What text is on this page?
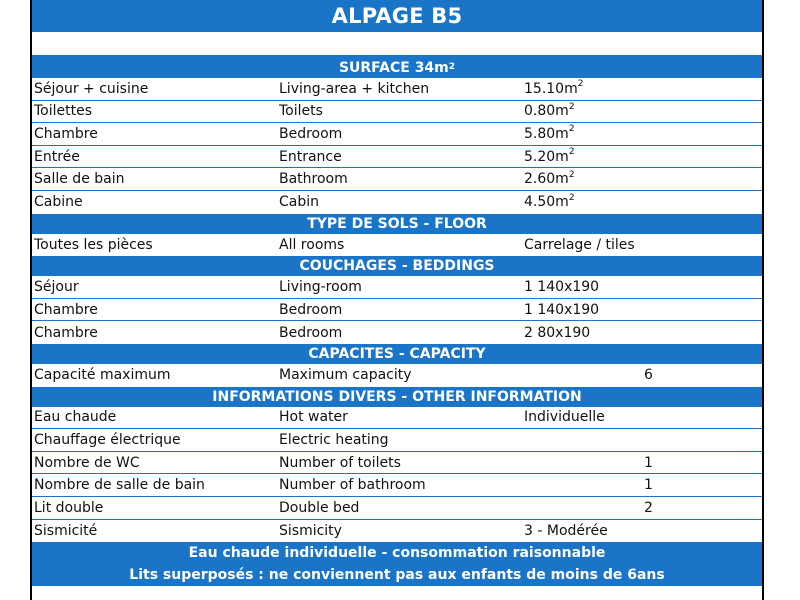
ALPAGE B5
SURFACE $34m^2$
Séjour + cuisine	Living-area + kitchen	$15.10m^2$
Toilettes	Toilets	$0.80m^2$
Chambre	Bedroom	$5.80m^2$
Entrée	Entrance	$5.20m^2$
Salle de bain	Bathroom	$2.60m^2$
Cabine	Cabin	$4.50m^2$
TYPE DE SOLS - FLOOR
Toutes les pièces	All rooms	Carrelage / tiles
COUCHAGES - BEDDINGS
Séjour	Living-room	1 140x190
Chambre	Bedroom	1 140x190
Chambre	Bedroom	2 80x190
CAPACITES - CAPACITY
Capacité maximum	Maximum capacity	6
INFORMATIONS DIVERS - OTHER INFORMATION
Eau chaude	Hot water	Individuelle
Chauffage électrique	Electric heating
Nombre de WC	Number of toilets	1
Nombre de salle de bain	Number of bathroom	1
Lit double	Double bed	2
Sismicité	Sismicity	3 - Modérée
Eau chaude individuelle - consommation raisonnable
Lits superposés : ne conviennent pas aux enfants de moins de 6ans
